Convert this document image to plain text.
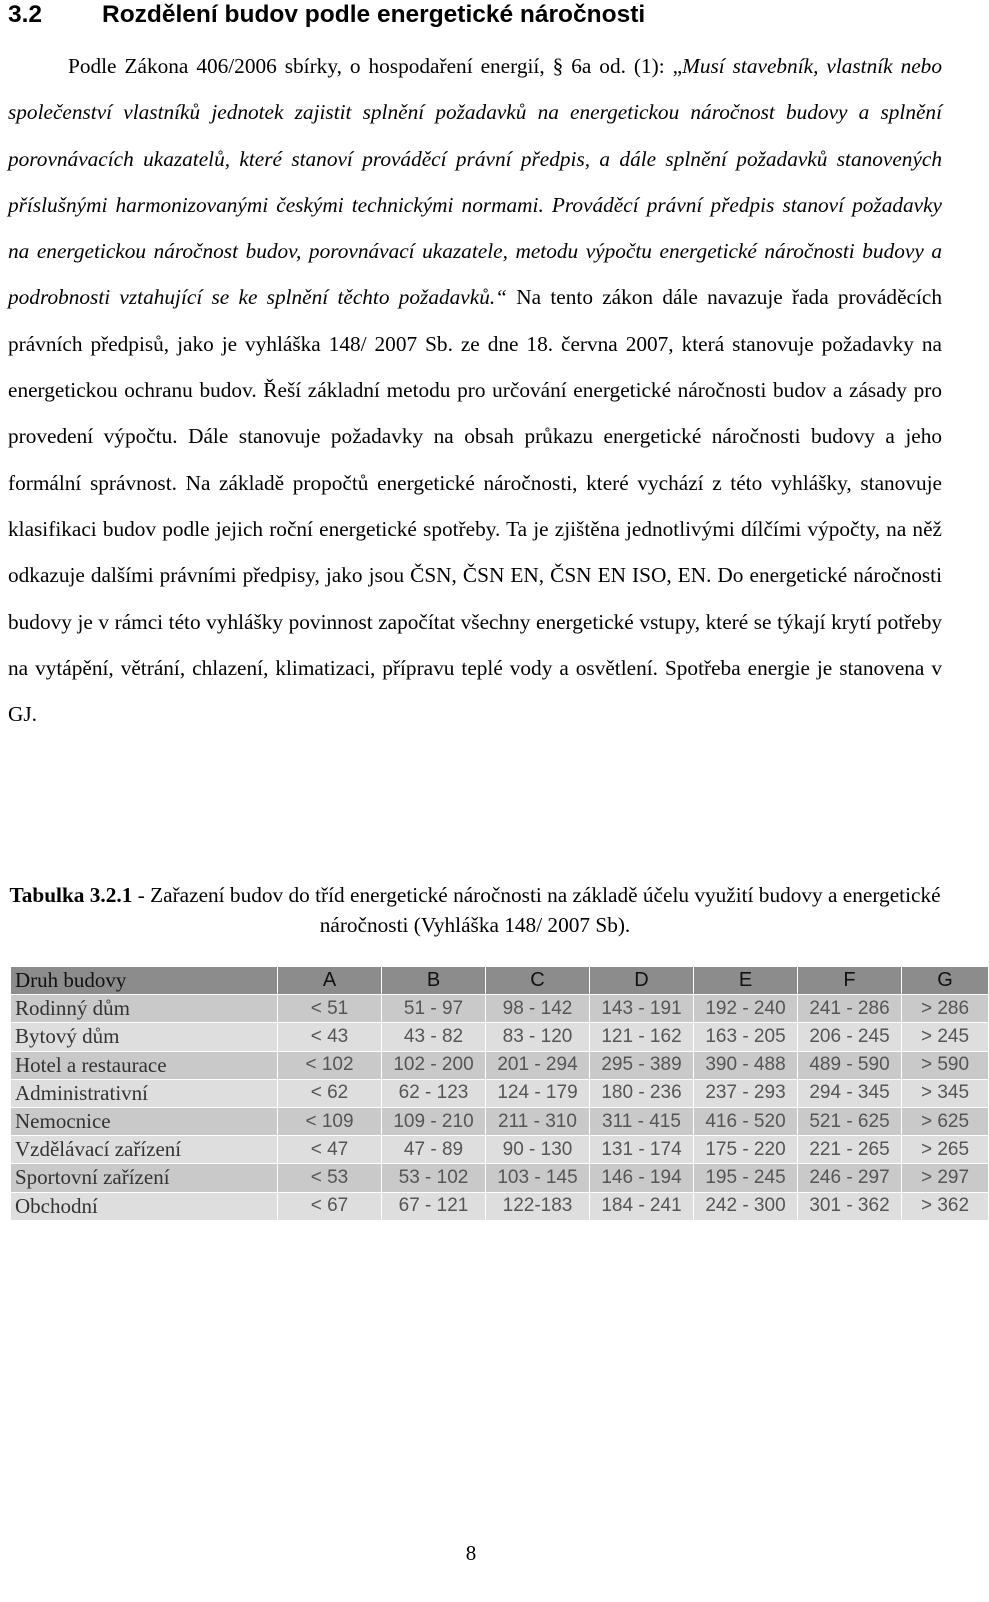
3.2 Rozdělení budov podle energetické náročnosti
Podle Zákona 406/2006 sbírky, o hospodaření energií, § 6a od. (1): „Musí stavebník, vlastník nebo společenství vlastníků jednotek zajistit splnění požadavků na energetickou náročnost budovy a splnění porovnávacích ukazatelů, které stanoví prováděcí právní předpis, a dále splnění požadavků stanovených příslušnými harmonizovanými českými technickými normami. Prováděcí právní předpis stanoví požadavky na energetickou náročnost budov, porovnávací ukazatele, metodu výpočtu energetické náročnosti budovy a podrobnosti vztahující se ke splnění těchto požadavků.“ Na tento zákon dále navazuje řada prováděcích právních předpisů, jako je vyhláška 148/ 2007 Sb. ze dne 18. června 2007, která stanovuje požadavky na energetickou ochranu budov. Řeší základní metodu pro určování energetické náročnosti budov a zásady pro provedení výpočtu. Dále stanovuje požadavky na obsah průkazu energetické náročnosti budovy a jeho formální správnost. Na základě propočtů energetické náročnosti, které vychází z této vyhlášky, stanovuje klasifikaci budov podle jejich roční energetické spotřeby. Ta je zjištěna jednotlivými dílčími výpočty, na něž odkazuje dalšími právními předpisy, jako jsou ČSN, ČSN EN, ČSN EN ISO, EN. Do energetické náročnosti budovy je v rámci této vyhlášky povinnost započítat všechny energetické vstupy, které se týkají krytí potřeby na vytápění, větrání, chlazení, klimatizaci, přípravu teplé vody a osvětlení. Spotřeba energie je stanovena v GJ.
Tabulka 3.2.1 - Zařazení budov do tříd energetické náročnosti na základě účelu využití budovy a energetické náročnosti (Vyhláška 148/ 2007 Sb).
Druh budovy	A	B	C	D	E	F	G
Rodinný dům	< 51	51 - 97	98 - 142	143 - 191	192 - 240	241 - 286	> 286
Bytový dům	< 43	43 - 82	83 - 120	121 - 162	163 - 205	206 - 245	> 245
Hotel a restaurace	< 102	102 - 200	201 - 294	295 - 389	390 - 488	489 - 590	> 590
Administrativní	< 62	62 - 123	124 - 179	180 - 236	237 - 293	294 - 345	> 345
Nemocnice	< 109	109 - 210	211 - 310	311 - 415	416 - 520	521 - 625	> 625
Vzdělávací zařízení	< 47	47 - 89	90 - 130	131 - 174	175 - 220	221 - 265	> 265
Sportovní zařízení	< 53	53 - 102	103 - 145	146 - 194	195 - 245	246 - 297	> 297
Obchodní	< 67	67 - 121	122-183	184 - 241	242 - 300	301 - 362	> 362
8
